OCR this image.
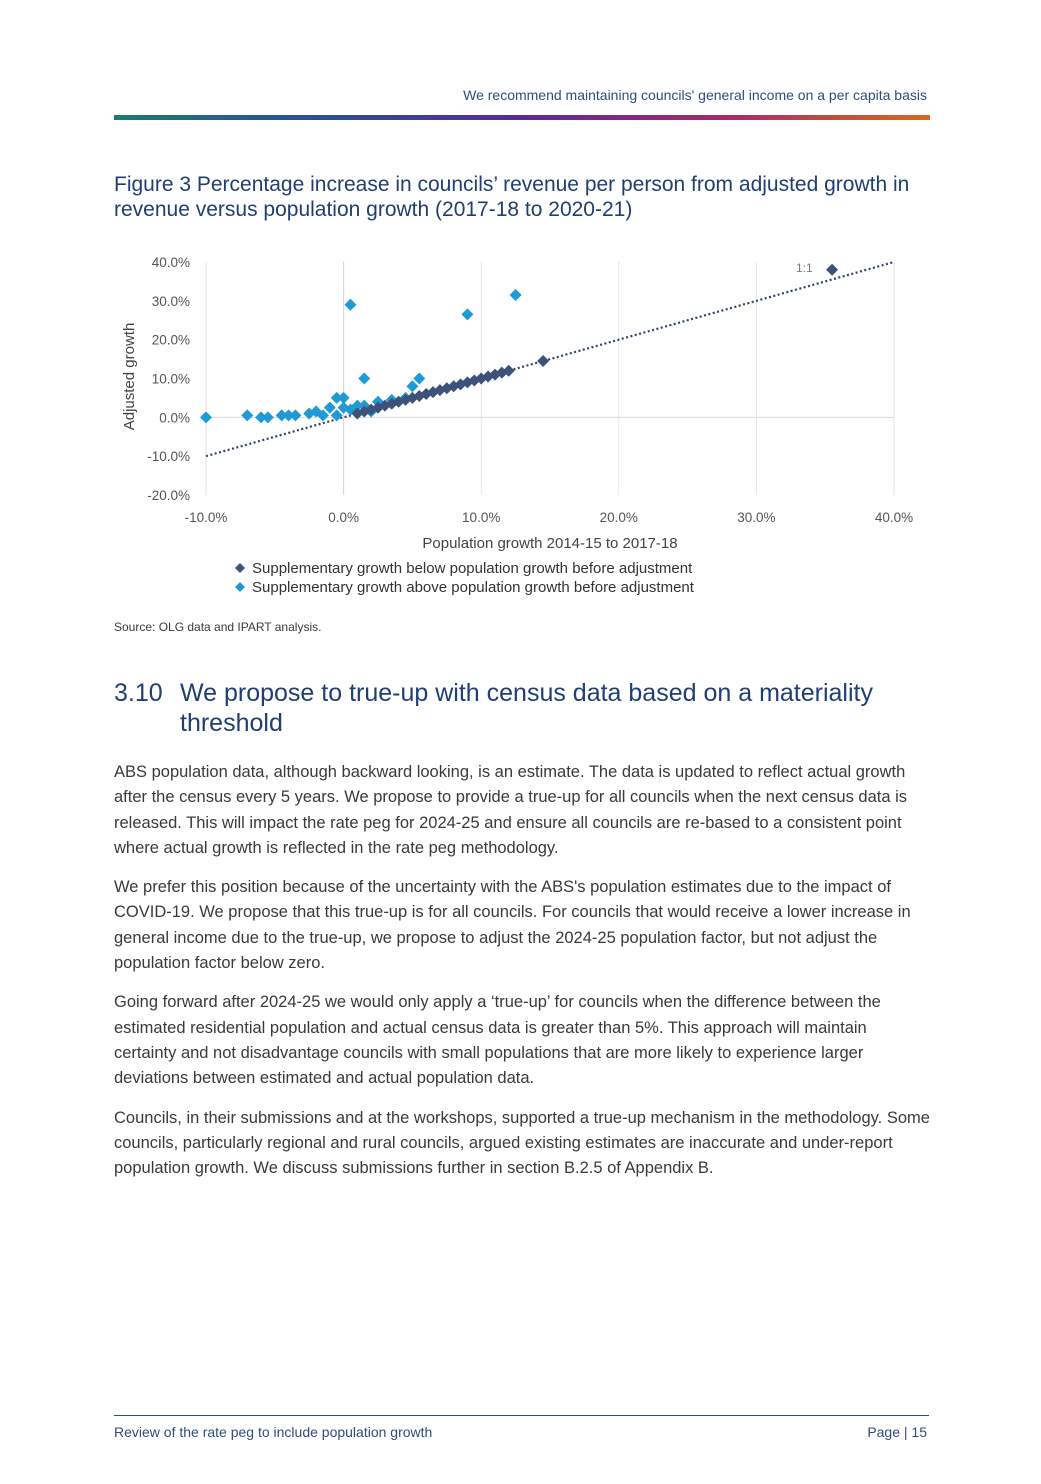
We recommend maintaining councils' general income on a per capita basis
Figure 3 Percentage increase in councils’ revenue per person from adjusted growth in revenue versus population growth (2017-18 to 2020-21)
1:1
40.0%
30.0%
20.0%
10.0%
0.0%
-10.0%
-20.0%
-10.0%	0.0%	10.0%	20.0%	30.0%	40.0%
Population growth 2014-15 to 2017-18
Adjusted growth
Supplementary growth below population growth before adjustment
Supplementary growth above population growth before adjustment
Source: OLG data and IPART analysis.
3.10 We propose to true-up with census data based on a materiality threshold

ABS population data, although backward looking, is an estimate. The data is updated to reflect actual growth after the census every 5 years. We propose to provide a true-up for all councils when the next census data is released. This will impact the rate peg for 2024-25 and ensure all councils are re-based to a consistent point where actual growth is reflected in the rate peg methodology.

We prefer this position because of the uncertainty with the ABS's population estimates due to the impact of COVID-19. We propose that this true-up is for all councils. For councils that would receive a lower increase in general income due to the true-up, we propose to adjust the 2024-25 population factor, but not adjust the population factor below zero.

Going forward after 2024-25 we would only apply a ‘true-up’ for councils when the difference between the estimated residential population and actual census data is greater than 5%. This approach will maintain certainty and not disadvantage councils with small populations that are more likely to experience larger deviations between estimated and actual population data.

Councils, in their submissions and at the workshops, supported a true-up mechanism in the methodology. Some councils, particularly regional and rural councils, argued existing estimates are inaccurate and under-report population growth. We discuss submissions further in section B.2.5 of Appendix B.

Review of the rate peg to include population growth	Page | 15
